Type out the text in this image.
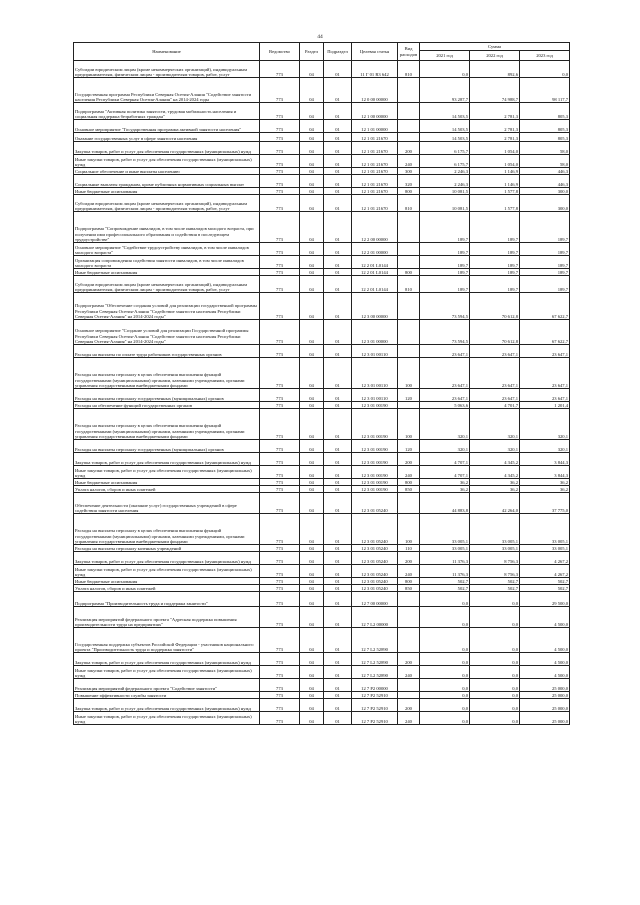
44
Наименование	Ведомство	Раздел	Подраздел	Целевая статья	Вид расходов	Сумма		
						2021 год	2022 год	2023 год
Субсидии юридическим лицам (кроме некоммерческих организаций), индивидуальным предпринимателям, физическим лицам - производителям товаров, работ, услуг	773	04	01	11 Г 01 R3 642	810	0,0	892,6	0,0
Государственная программа Республики Северная Осетия-Алания "Содействие занятости населения Республики Северная Осетия-Алания" на 2014-2024 годы	773	04	01	12 0 00 00000		93 287,7	74 988,7	98 117,7
Подпрограмма "Активная политика занятости, трудовая мобильность населения и социальная поддержка безработных граждан"	773	04	01	12 1 00 00000		14 503,5	2 781,3	805,3
Основное мероприятие "Государственная программа активной занятости населения"	773	04	01	12 1 01 00000		14 503,5	2 781,3	805,3
Оказание государственных услуг в сфере занятости населения	773	04	01	12 1 01 21670		14 503,5	2 781,3	805,3
Закупка товаров, работ и услуг для обеспечения государственных (муниципальных) нужд	773	04	01	12 1 01 21670	200	6 175,7	1 054,0	58,0
Иные закупки товаров, работ и услуг для обеспечения государственных (муниципальных) нужд	773	04	01	12 1 01 21670	240	6 175,7	1 054,0	58,0
Социальное обеспечение и иные выплаты населению	773	04	01	12 1 01 21670	300	2 246,3	1 146,9	446,3
Социальные выплаты гражданам, кроме публичных нормативных социальных выплат	773	04	01	12 1 01 21670	320	2 246,3	1 146,9	446,3
Иные бюджетные ассигнования	773	04	01	12 1 01 21670	800	10 081,5	1 577,8	300,0
Субсидии юридическим лицам (кроме некоммерческих организаций), индивидуальным предпринимателям, физическим лицам - производителям товаров, работ, услуг	773	04	01	12 1 01 21670	810	10 081,5	1 577,8	300,0
Подпрограмма "Сопровождение инвалидов, в том числе инвалидов молодого возраста, при получении ими профессионального образования и содействия в последующем трудоустройстве"	773	04	01	12 2 00 00000		189,7	189,7	189,7
Основное мероприятие "Содействие трудоустройству инвалидов, в том числе инвалидов молодого возраста"	773	04	01	12 2 01 00000		189,7	189,7	189,7
Организация сопровождения содействия занятости инвалидов, в том числе инвалидов молодого возраста	773	04	01	12 2 01 L0144		189,7	189,7	189,7
Иные бюджетные ассигнования	773	04	01	12 2 01 L0144	800	189,7	189,7	189,7
Субсидии юридическим лицам (кроме некоммерческих организаций), индивидуальным предпринимателям, физическим лицам - производителям товаров, работ, услуг	773	04	01	12 2 01 L0144	810	189,7	189,7	189,7
Подпрограмма "Обеспечение создания условий для реализации государственной программы Республики Северная Осетия-Алания "Содействие занятости населения Республики Северная Осетия-Алания" на 2014-2024 годы"	773	04	01	12 3 00 00000		73 594,5	70 612,8	67 622,7
Основное мероприятие "Создание условий для реализации Государственной программы Республики Северная Осетия-Алания "Содействие занятости населения Республики Северная Осетия-Алания" на 2014-2024 годы"	773	04	01	12 3 01 00000		73 594,5	70 612,8	67 622,7
Расходы на выплаты по оплате труда работников государственных органов	773	04	01	12 3 01 00110		23 647,1	23 647,1	23 647,1
Расходы на выплаты персоналу в целях обеспечения выполнения функций государственными (муниципальными) органами, казенными учреждениями, органами управления государственными внебюджетными фондами	773	04	01	12 3 01 00110	100	23 647,1	23 647,1	23 647,1
Расходы на выплаты персоналу государственных (муниципальных) органов	773	04	01	12 3 01 00110	120	23 647,1	23 647,1	23 647,1
Расходы на обеспечение функций государственных органов	773	04	01	12 3 01 00190		5 063,6	4 701,7	1 201,4
Расходы на выплаты персоналу в целях обеспечения выполнения функций государственными (муниципальными) органами, казенными учреждениями, органами управления государственными внебюджетными фондами	773	04	01	12 3 01 00190	100	320,1	320,1	320,1
Расходы на выплаты персоналу государственных (муниципальных) органов	773	04	01	12 3 01 00190	120	320,1	320,1	320,1
Закупка товаров, работ и услуг для обеспечения государственных (муниципальных) нужд	773	04	01	12 3 01 00190	200	4 707,1	4 345,2	3 844,3
Иные закупки товаров, работ и услуг для обеспечения государственных (муниципальных) нужд	773	04	01	12 3 01 00190	240	4 707,1	4 345,2	3 844,3
Иные бюджетные ассигнования	773	04	01	12 3 01 00190	800	36,2	36,2	36,2
Уплата налогов, сборов и иных платежей	773	04	01	12 3 01 00190	850	36,2	36,2	36,2
Обеспечение деятельности (оказание услуг) государственных учреждений в сфере содействия занятости населения	773	04	01	12 3 01 05240		44 883,8	42 264,0	37 775,0
Расходы на выплаты персоналу в целях обеспечения выполнения функций государственными (муниципальными) органами, казенными учреждениями, органами управления государственными внебюджетными фондами	773	04	01	12 3 01 05240	100	33 005,1	33 005,1	33 005,1
Расходы на выплаты персоналу казенных учреждений	773	04	01	12 3 01 05240	110	33 005,1	33 005,1	33 005,1
Закупка товаров, работ и услуг для обеспечения государственных (муниципальных) нужд	773	04	01	12 3 01 05240	200	11 376,3	8 756,3	4 267,2
Иные закупки товаров, работ и услуг для обеспечения государственных (муниципальных) нужд	773	04	01	12 3 01 05240	240	11 376,3	8 756,3	4 267,2
Иные бюджетные ассигнования	773	04	01	12 3 01 05240	800	502,7	502,7	502,7
Уплата налогов, сборов и иных платежей	773	04	01	12 3 01 05240	850	502,7	502,7	502,7
Подпрограмма "Производительность труда и поддержка занятости"	773	04	01	12 7 00 00000		0,0	0,0	29 500,0
Реализация мероприятий федерального проекта "Адресная поддержка повышения производительности труда на предприятиях"	773	04	01	12 7 L2 00000		0,0	0,0	4 500,0
Государственная поддержка субъектов Российской Федерации - участников национального проекта "Производительность труда и поддержка занятости"	773	04	01	12 7 L2 52890		0,0	0,0	4 500,0
Закупка товаров, работ и услуг для обеспечения государственных (муниципальных) нужд	773	04	01	12 7 L2 52890	200	0,0	0,0	4 500,0
Иные закупки товаров, работ и услуг для обеспечения государственных (муниципальных) нужд	773	04	01	12 7 L2 52890	240	0,0	0,0	4 500,0
Реализация мероприятий федерального проекта "Содействие занятости"	773	04	01	12 7 P2 00000		0,0	0,0	25 000,0
Повышение эффективности службы занятости	773	04	01	12 7 P2 52910		0,0	0,0	25 000,0
Закупка товаров, работ и услуг для обеспечения государственных (муниципальных) нужд	773	04	01	12 7 P2 52910	200	0,0	0,0	25 000,0
Иные закупки товаров, работ и услуг для обеспечения государственных (муниципальных) нужд	773	04	01	12 7 P2 52910	240	0,0	0,0	25 000,0
